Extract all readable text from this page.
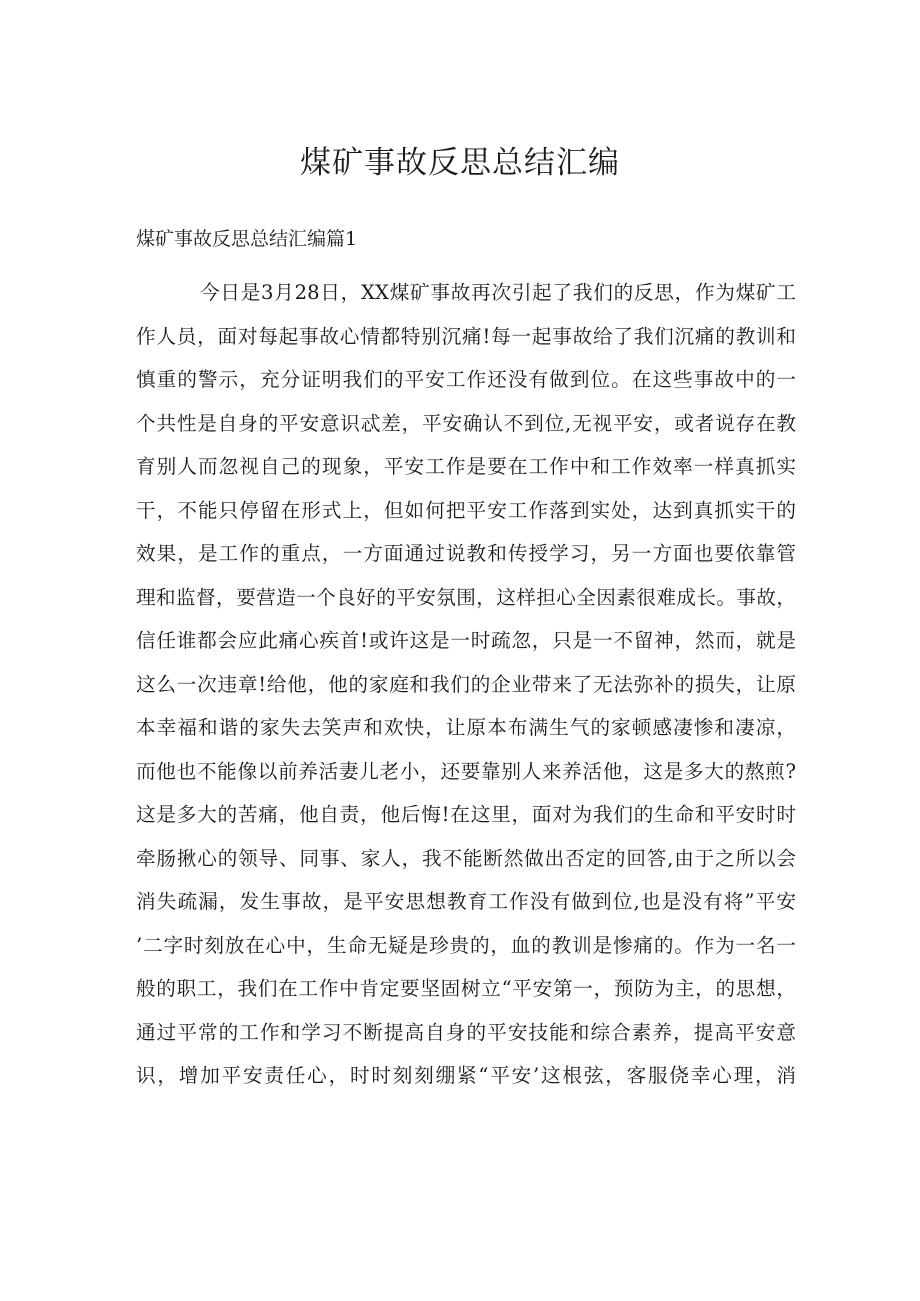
煤矿事故反思总结汇编

煤矿事故反思总结汇编篇1

今日是3月28日，XX煤矿事故再次引起了我们的反思，作为煤矿工
作人员，面对每起事故心情都特别沉痛!每一起事故给了我们沉痛的教训和
慎重的警示，充分证明我们的平安工作还没有做到位。在这些事故中的一
个共性是自身的平安意识忒差，平安确认不到位,无视平安，或者说存在教
育别人而忽视自己的现象，平安工作是要在工作中和工作效率一样真抓实
干，不能只停留在形式上，但如何把平安工作落到实处，达到真抓实干的
效果，是工作的重点，一方面通过说教和传授学习，另一方面也要依靠管
理和监督，要营造一个良好的平安氛围，这样担心全因素很难成长。事故，
信任谁都会应此痛心疾首!或许这是一时疏忽，只是一不留神，然而，就是
这么一次违章!给他，他的家庭和我们的企业带来了无法弥补的损失，让原
本幸福和谐的家失去笑声和欢快，让原本布满生气的家顿感凄惨和凄凉，
而他也不能像以前养活妻儿老小，还要靠别人来养活他，这是多大的熬煎?
这是多大的苦痛，他自责，他后悔!在这里，面对为我们的生命和平安时时
牵肠揪心的领导、同事、家人，我不能断然做出否定的回答,由于之所以会
消失疏漏，发生事故，是平安思想教育工作没有做到位,也是没有将”平安
’二字时刻放在心中，生命无疑是珍贵的，血的教训是惨痛的。作为一名一
般的职工，我们在工作中肯定要坚固树立“平安第一，预防为主，的思想，
通过平常的工作和学习不断提高自身的平安技能和综合素养，提高平安意
识，增加平安责任心，时时刻刻绷紧“平安’这根弦，客服侥幸心理，消
